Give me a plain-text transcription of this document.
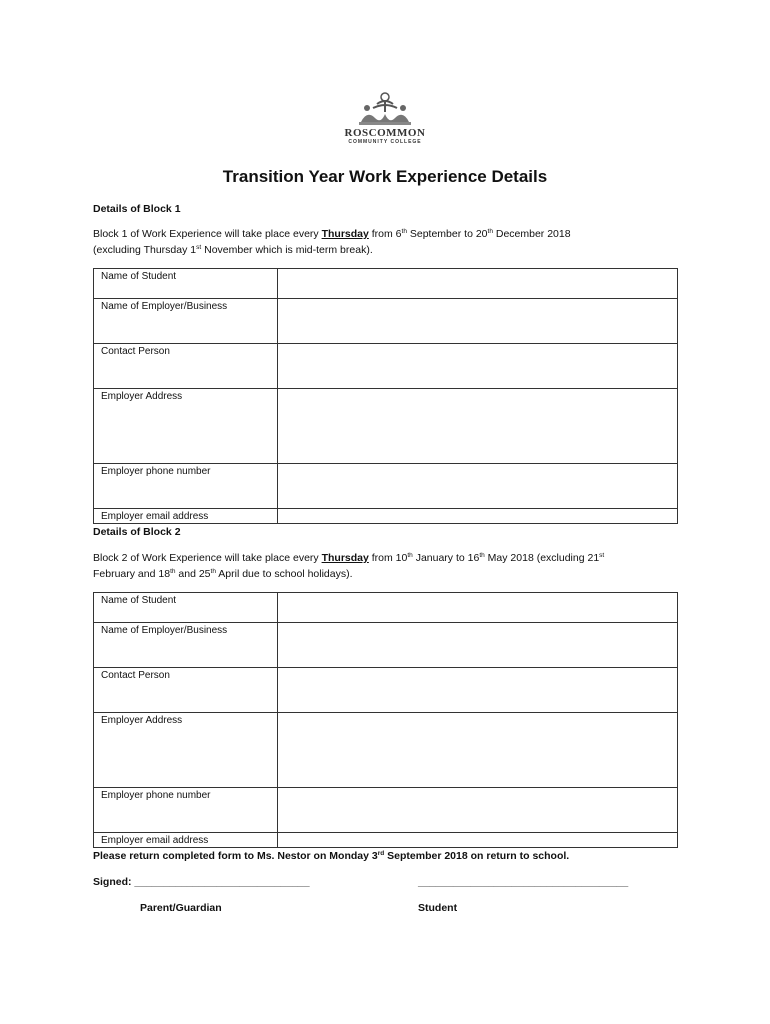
ROSCOMMON
COMMUNITY COLLEGE
Transition Year Work Experience Details
Details of Block 1
Block 1 of Work Experience will take place every Thursday from 6th September to 20th December 2018
(excluding Thursday 1st November which is mid-term break).
Name of Student	
Name of Employer/Business	
Contact Person	
Employer Address	
Employer phone number	
Employer email address	
Details of Block 2
Block 2 of Work Experience will take place every Thursday from 10th January to 16th May 2018 (excluding 21st
February and 18th and 25th April due to school holidays).
Name of Student	
Name of Employer/Business	
Contact Person	
Employer Address	
Employer phone number	
Employer email address	
Please return completed form to Ms. Nestor on Monday 3rd September 2018 on return to school.
Signed: ______________________________	____________________________________
Parent/Guardian	Student
